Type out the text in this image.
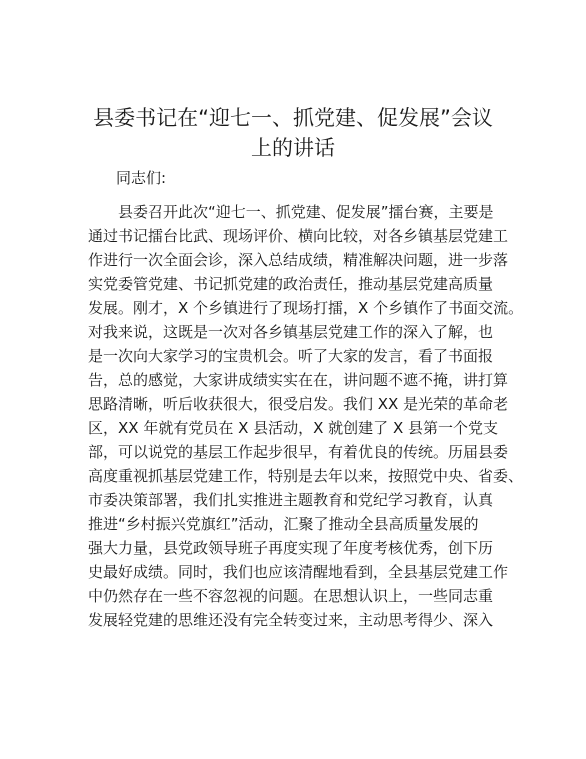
县委书记在“迎七一、抓党建、促发展”会议
上的讲话
同志们:
　　县委召开此次“迎七一、抓党建、促发展”擂台赛，主要是
通过书记擂台比武、现场评价、横向比较，对各乡镇基层党建工
作进行一次全面会诊，深入总结成绩，精准解决问题，进一步落
实党委管党建、书记抓党建的政治责任，推动基层党建高质量
发展。刚才，X 个乡镇进行了现场打擂，X 个乡镇作了书面交流。
对我来说，这既是一次对各乡镇基层党建工作的深入了解，也
是一次向大家学习的宝贵机会。听了大家的发言，看了书面报
告，总的感觉，大家讲成绩实实在在，讲问题不遮不掩，讲打算
思路清晰，听后收获很大，很受启发。我们 XX 是光荣的革命老
区，XX 年就有党员在 X 县活动，X 就创建了 X 县第一个党支
部，可以说党的基层工作起步很早，有着优良的传统。历届县委
高度重视抓基层党建工作，特别是去年以来，按照党中央、省委、
市委决策部署，我们扎实推进主题教育和党纪学习教育，认真
推进“乡村振兴党旗红”活动，汇聚了推动全县高质量发展的
强大力量，县党政领导班子再度实现了年度考核优秀，创下历
史最好成绩。同时，我们也应该清醒地看到，全县基层党建工作
中仍然存在一些不容忽视的问题。在思想认识上，一些同志重
发展轻党建的思维还没有完全转变过来，主动思考得少、深入
